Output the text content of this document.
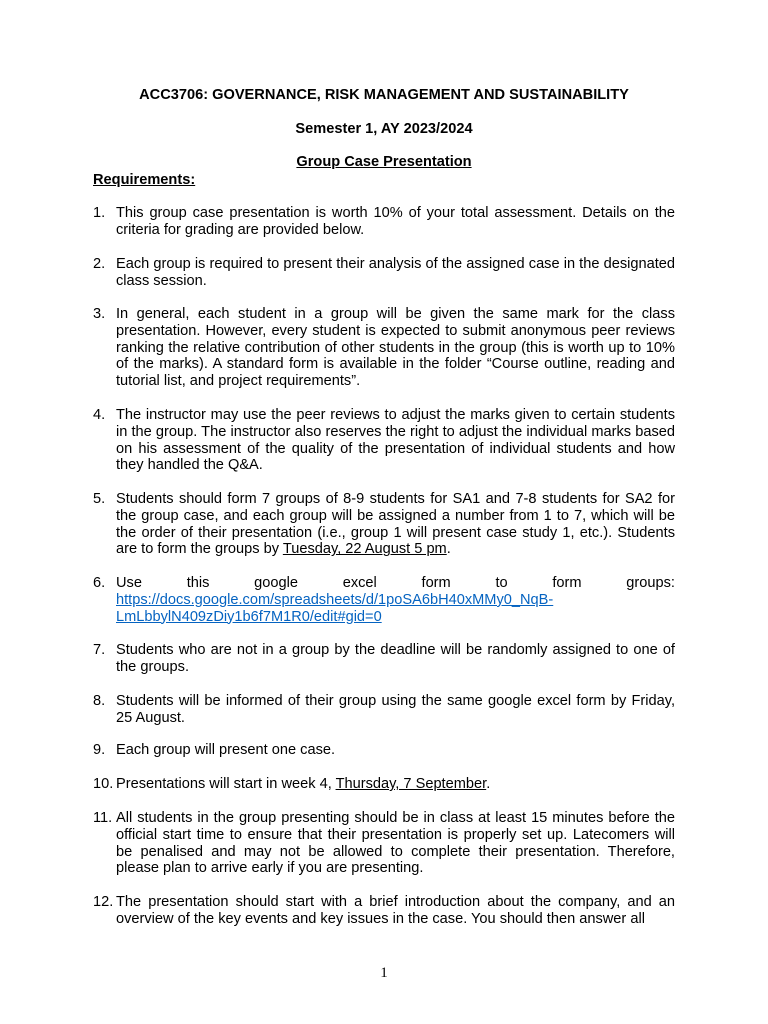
ACC3706: GOVERNANCE, RISK MANAGEMENT AND SUSTAINABILITY
Semester 1, AY 2023/2024
Group Case Presentation
Requirements:
1. This group case presentation is worth 10% of your total assessment. Details on the criteria for grading are provided below.
2. Each group is required to present their analysis of the assigned case in the designated class session.
3. In general, each student in a group will be given the same mark for the class presentation. However, every student is expected to submit anonymous peer reviews ranking the relative contribution of other students in the group (this is worth up to 10% of the marks). A standard form is available in the folder “Course outline, reading and tutorial list, and project requirements”.
4. The instructor may use the peer reviews to adjust the marks given to certain students in the group. The instructor also reserves the right to adjust the individual marks based on his assessment of the quality of the presentation of individual students and how they handled the Q&A.
5. Students should form 7 groups of 8-9 students for SA1 and 7-8 students for SA2 for the group case, and each group will be assigned a number from 1 to 7, which will be the order of their presentation (i.e., group 1 will present case study 1, etc.). Students are to form the groups by Tuesday, 22 August 5 pm.
6. Use	this	google	excel	form	to	form	groups:
https://docs.google.com/spreadsheets/d/1poSA6bH40xMMy0_NqB-
LmLbbylN409zDiy1b6f7M1R0/edit#gid=0
7. Students who are not in a group by the deadline will be randomly assigned to one of the groups.
8. Students will be informed of their group using the same google excel form by Friday, 25 August.
9. Each group will present one case.
10. Presentations will start in week 4, Thursday, 7 September.
11. All students in the group presenting should be in class at least 15 minutes before the official start time to ensure that their presentation is properly set up. Latecomers will be penalised and may not be allowed to complete their presentation. Therefore, please plan to arrive early if you are presenting.
12. The presentation should start with a brief introduction about the company, and an overview of the key events and key issues in the case. You should then answer all
1
